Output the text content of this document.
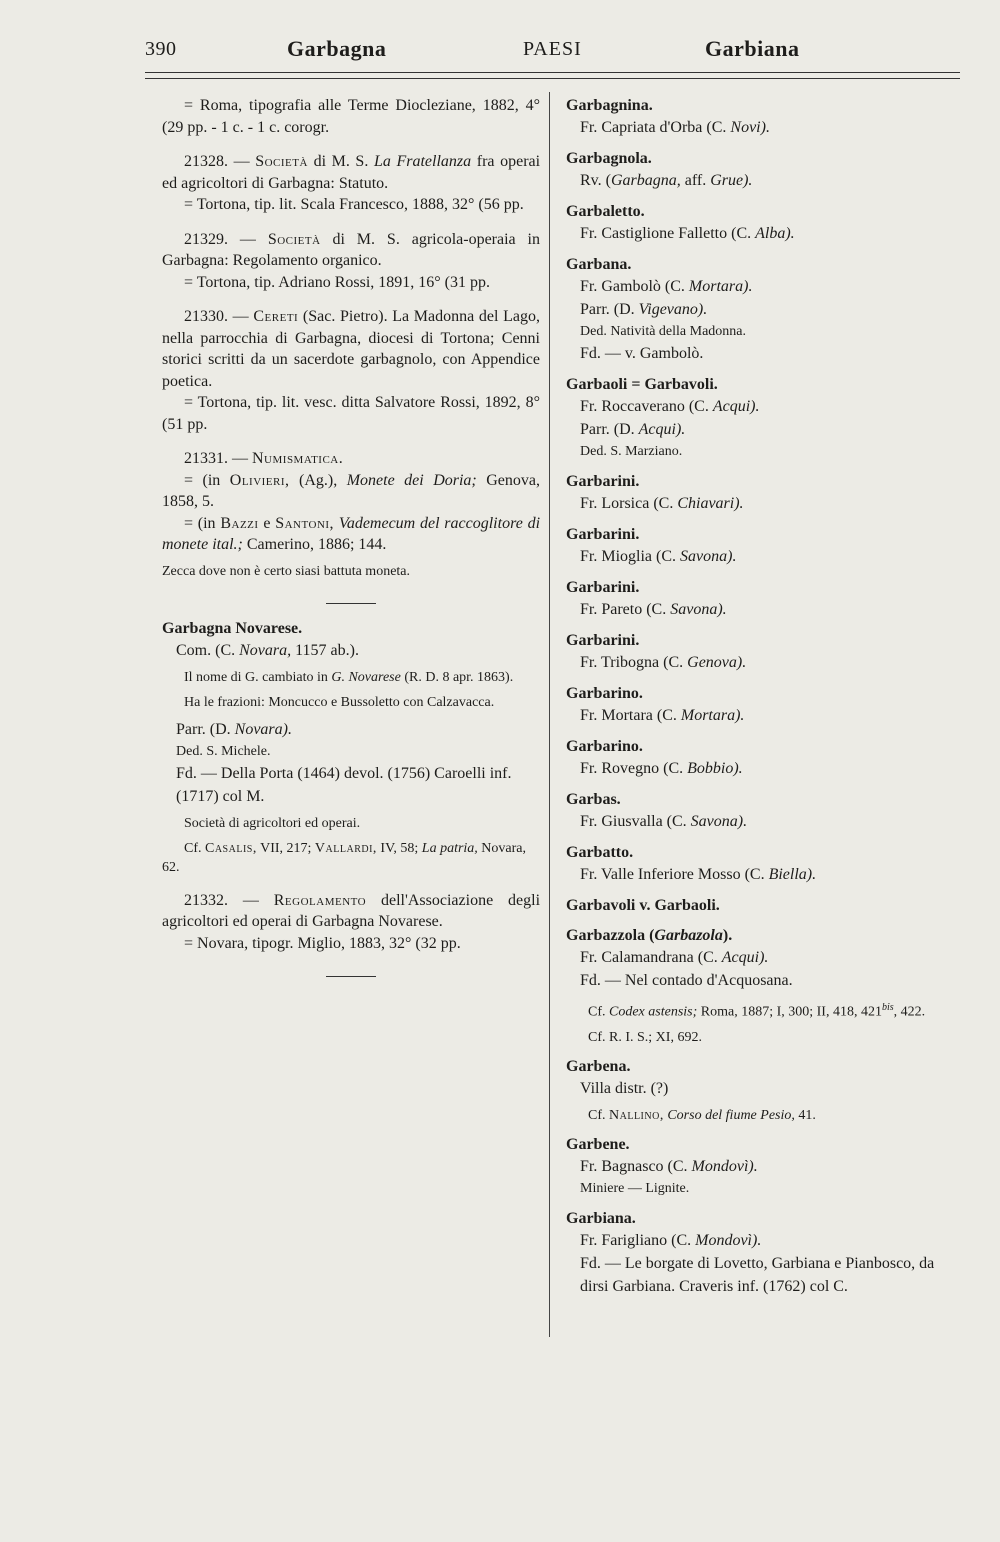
390	Garbagna	PAESI	Garbiana

= Roma, tipografia alle Terme Diocleziane, 1882, 4° (29 pp. - 1 c. - 1 c. corogr.

21328. — Società di M. S. La Fratellanza fra operai ed agricoltori di Garbagna: Statuto.

= Tortona, tip. lit. Scala Francesco, 1888, 32° (56 pp.

21329. — Società di M. S. agricola-operaia in Garbagna: Regolamento organico.

= Tortona, tip. Adriano Rossi, 1891, 16° (31 pp.

21330. — Cereti (Sac. Pietro). La Madonna del Lago, nella parrocchia di Garbagna, diocesi di Tortona; Cenni storici scritti da un sacerdote garbagnolo, con Appendice poetica.

= Tortona, tip. lit. vesc. ditta Salvatore Rossi, 1892, 8° (51 pp.

21331. — Numismatica.

= (in Olivieri, (Ag.), Monete dei Doria; Genova, 1858, 5.

= (in Bazzi e Santoni, Vademecum del raccoglitore di monete ital.; Camerino, 1886; 144.

Zecca dove non è certo siasi battuta moneta.

Garbagna Novarese.

Com. (C. Novara, 1157 ab.).

Il nome di G. cambiato in G. Novarese (R. D. 8 apr. 1863).

Ha le frazioni: Moncucco e Bussoletto con Calzavacca.

Parr. (D. Novara).

Ded. S. Michele.

Fd. — Della Porta (1464) devol. (1756) Caroelli inf. (1717) col M.

Società di agricoltori ed operai.

Cf. Casalis, VII, 217; Vallardi, IV, 58; La patria, Novara, 62.

21332. — Regolamento dell'Associazione degli agricoltori ed operai di Garbagna Novarese.

= Novara, tipogr. Miglio, 1883, 32° (32 pp.

Garbagnina.

Fr. Capriata d'Orba (C. Novi).

Garbagnola.

Rv. (Garbagna, aff. Grue).

Garbaletto.

Fr. Castiglione Falletto (C. Alba).

Garbana.

Fr. Gambolò (C. Mortara).

Parr. (D. Vigevano).

Ded. Natività della Madonna.

Fd. — v. Gambolò.

Garbaoli = Garbavoli.

Fr. Roccaverano (C. Acqui).

Parr. (D. Acqui).

Ded. S. Marziano.

Garbarini.

Fr. Lorsica (C. Chiavari).

Garbarini.

Fr. Mioglia (C. Savona).

Garbarini.

Fr. Pareto (C. Savona).

Garbarini.

Fr. Tribogna (C. Genova).

Garbarino.

Fr. Mortara (C. Mortara).

Garbarino.

Fr. Rovegno (C. Bobbio).

Garbas.

Fr. Giusvalla (C. Savona).

Garbatto.

Fr. Valle Inferiore Mosso (C. Biella).

Garbavoli v. Garbaoli.

Garbazzola (Garbazola).

Fr. Calamandrana (C. Acqui).

Fd. — Nel contado d'Acquosana.

Cf. Codex astensis; Roma, 1887; I, 300; II, 418, $421^{bis}$, 422.

Cf. R. I. S.; XI, 692.

Garbena.

Villa distr. (?)

Cf. Nallino, Corso del fiume Pesio, 41.

Garbene.

Fr. Bagnasco (C. Mondovì).

Miniere — Lignite.

Garbiana.

Fr. Farigliano (C. Mondovì).

Fd. — Le borgate di Lovetto, Garbiana e Pianbosco, da dirsi Garbiana. Craveris inf. (1762) col C.
